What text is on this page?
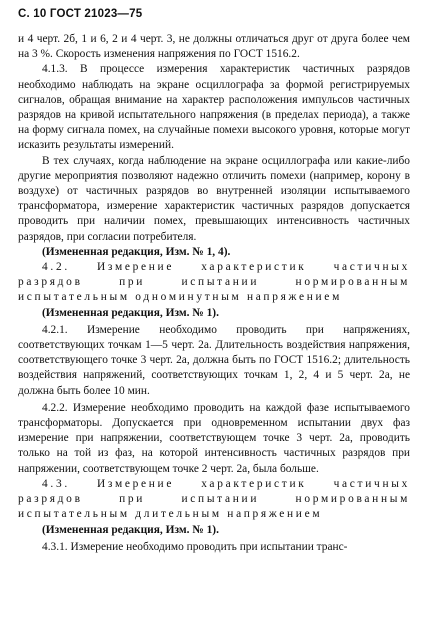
С. 10 ГОСТ 21023—75

и 4 черт. 2б, 1 и 6, 2 и 4 черт. 3, не должны отличаться друг от друга более чем на 3 %. Скорость изменения напряжения по ГОСТ 1516.2.

4.1.3. В процессе измерения характеристик частичных разрядов необходимо наблюдать на экране осциллографа за формой регистрируемых сигналов, обращая внимание на характер расположения импульсов частичных разрядов на кривой испытательного напряжения (в пределах периода), а также на форму сигнала помех, на случайные помехи высокого уровня, которые могут исказить результаты измерений.

В тех случаях, когда наблюдение на экране осциллографа или какие-либо другие мероприятия позволяют надежно отличить помехи (например, корону в воздухе) от частичных разрядов во внутренней изоляции испытываемого трансформатора, измерение характеристик частичных разрядов допускается проводить при наличии помех, превышающих интенсивность частичных разрядов, при согласии потребителя.

(Измененная редакция, Изм. № 1, 4).

4.2. Измерение характеристик частичных разрядов при испытании нормированным испытательным одноминутным напряжением

(Измененная редакция, Изм. № 1).

4.2.1. Измерение необходимо проводить при напряжениях, соответствующих точкам 1—5 черт. 2а. Длительность воздействия напряжения, соответствующего точке 3 черт. 2а, должна быть по ГОСТ 1516.2; длительность воздействия напряжений, соответствующих точкам 1, 2, 4 и 5 черт. 2а, не должна быть более 10 мин.

4.2.2. Измерение необходимо проводить на каждой фазе испытываемого трансформаторы. Допускается при одновременном испытании двух фаз измерение при напряжении, соответствующем точке 3 черт. 2а, проводить только на той из фаз, на которой интенсивность частичных разрядов при напряжении, соответствующем точке 2 черт. 2а, была больше.

4.3. Измерение характеристик частичных разрядов при испытании нормированным испытательным длительным напряжением

(Измененная редакция, Изм. № 1).

4.3.1. Измерение необходимо проводить при испытании транс-
